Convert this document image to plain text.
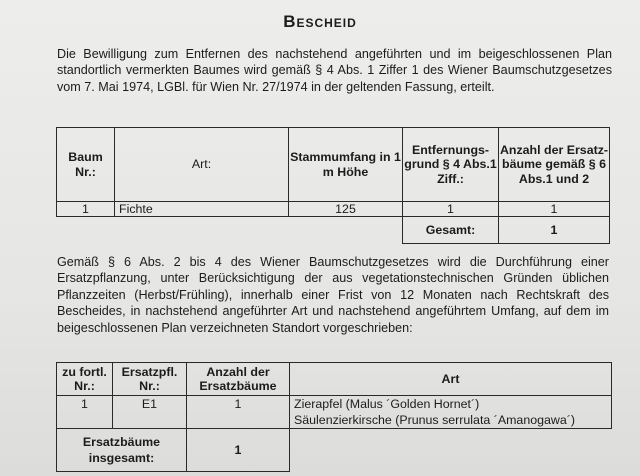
Bescheid
Die Bewilligung zum Entfernen des nachstehend angeführten und im beigeschlossenen Plan standortlich vermerkten Baumes wird gemäß § 4 Abs. 1 Ziffer 1 des Wiener Baumschutzgesetzes vom 7. Mai 1974, LGBl. für Wien Nr. 27/1974 in der geltenden Fassung, erteilt.
Baum Nr.:	Art:	Stammumfang in 1 m Höhe	Entfernungs-grund § 4 Abs.1 Ziff.:	Anzahl der Ersatz-bäume gemäß § 6 Abs.1 und 2
1	Fichte	125	1	1
			Gesamt:	1
Gemäß § 6 Abs. 2 bis 4 des Wiener Baumschutzgesetzes wird die Durchführung einer Ersatzpflanzung, unter Berücksichtigung der aus vegetationstechnischen Gründen üblichen Pflanzzeiten (Herbst/Frühling), innerhalb einer Frist von 12 Monaten nach Rechtskraft des Bescheides, in nachstehend angeführter Art und nachstehend angeführtem Umfang, auf dem im beigeschlossenen Plan verzeichneten Standort vorgeschrieben:
zu fortl. Nr.:	Ersatzpfl. Nr.:	Anzahl der Ersatzbäume	Art
1	E1	1	Zierapfel (Malus ´Golden Hornet´)
Säulenzierkirsche (Prunus serrulata ´Amanogawa´)

Ersatzbäume insgesamt:		1	
